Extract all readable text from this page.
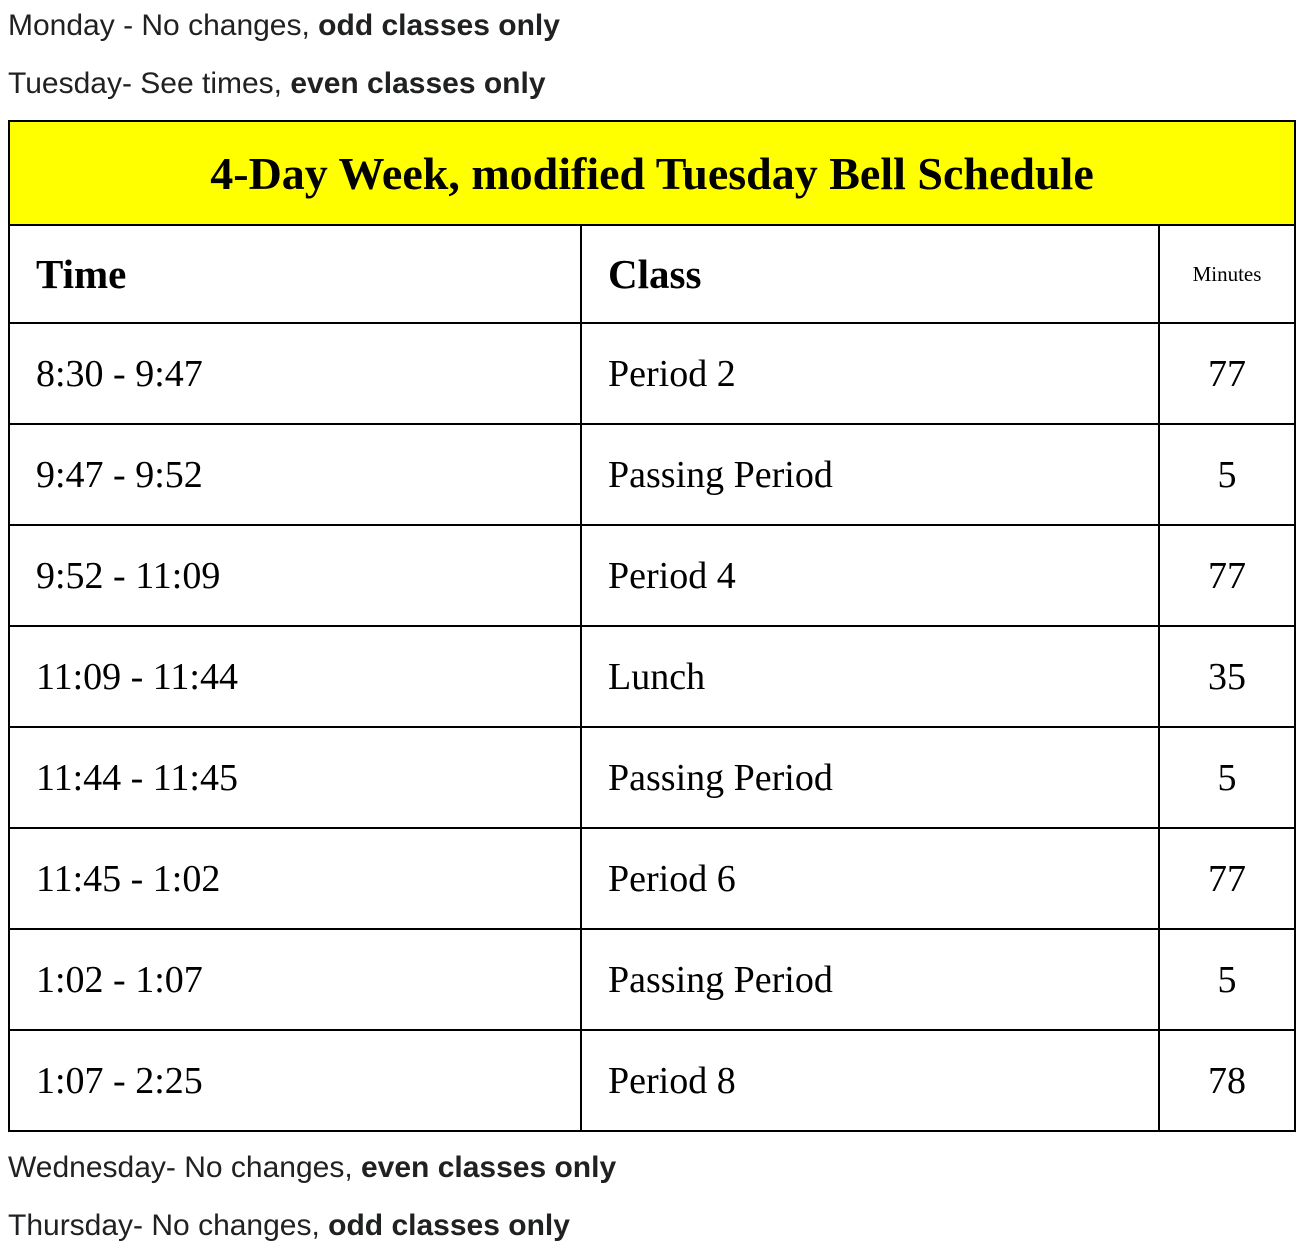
Monday - No changes, odd classes only

Tuesday- See times, even classes only

4-Day Week, modified Tuesday Bell Schedule		
Time	Class	Minutes
8:30 - 9:47	Period 2	77
9:47 - 9:52	Passing Period	5
9:52 - 11:09	Period 4	77
11:09 - 11:44	Lunch	35
11:44 - 11:45	Passing Period	5
11:45 - 1:02	Period 6	77
1:02 - 1:07	Passing Period	5
1:07 - 2:25	Period 8	78

Wednesday- No changes, even classes only

Thursday- No changes, odd classes only
